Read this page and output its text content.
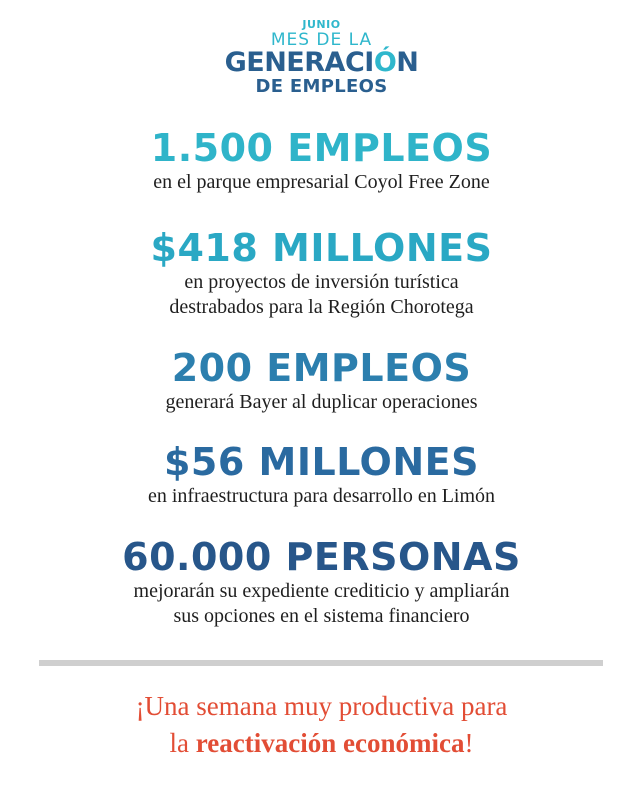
JUNIO
MES DE LA
GENERACIÓN
DE EMPLEOS
1.500 EMPLEOS
en el parque empresarial Coyol Free Zone
$418 MILLONES
en proyectos de inversión turística
destrabados para la Región Chorotega
200 EMPLEOS
generará Bayer al duplicar operaciones
$56 MILLONES
en infraestructura para desarrollo en Limón
60.000 PERSONAS
mejorarán su expediente crediticio y ampliarán
sus opciones en el sistema financiero
¡Una semana muy productiva para
la reactivación económica!
